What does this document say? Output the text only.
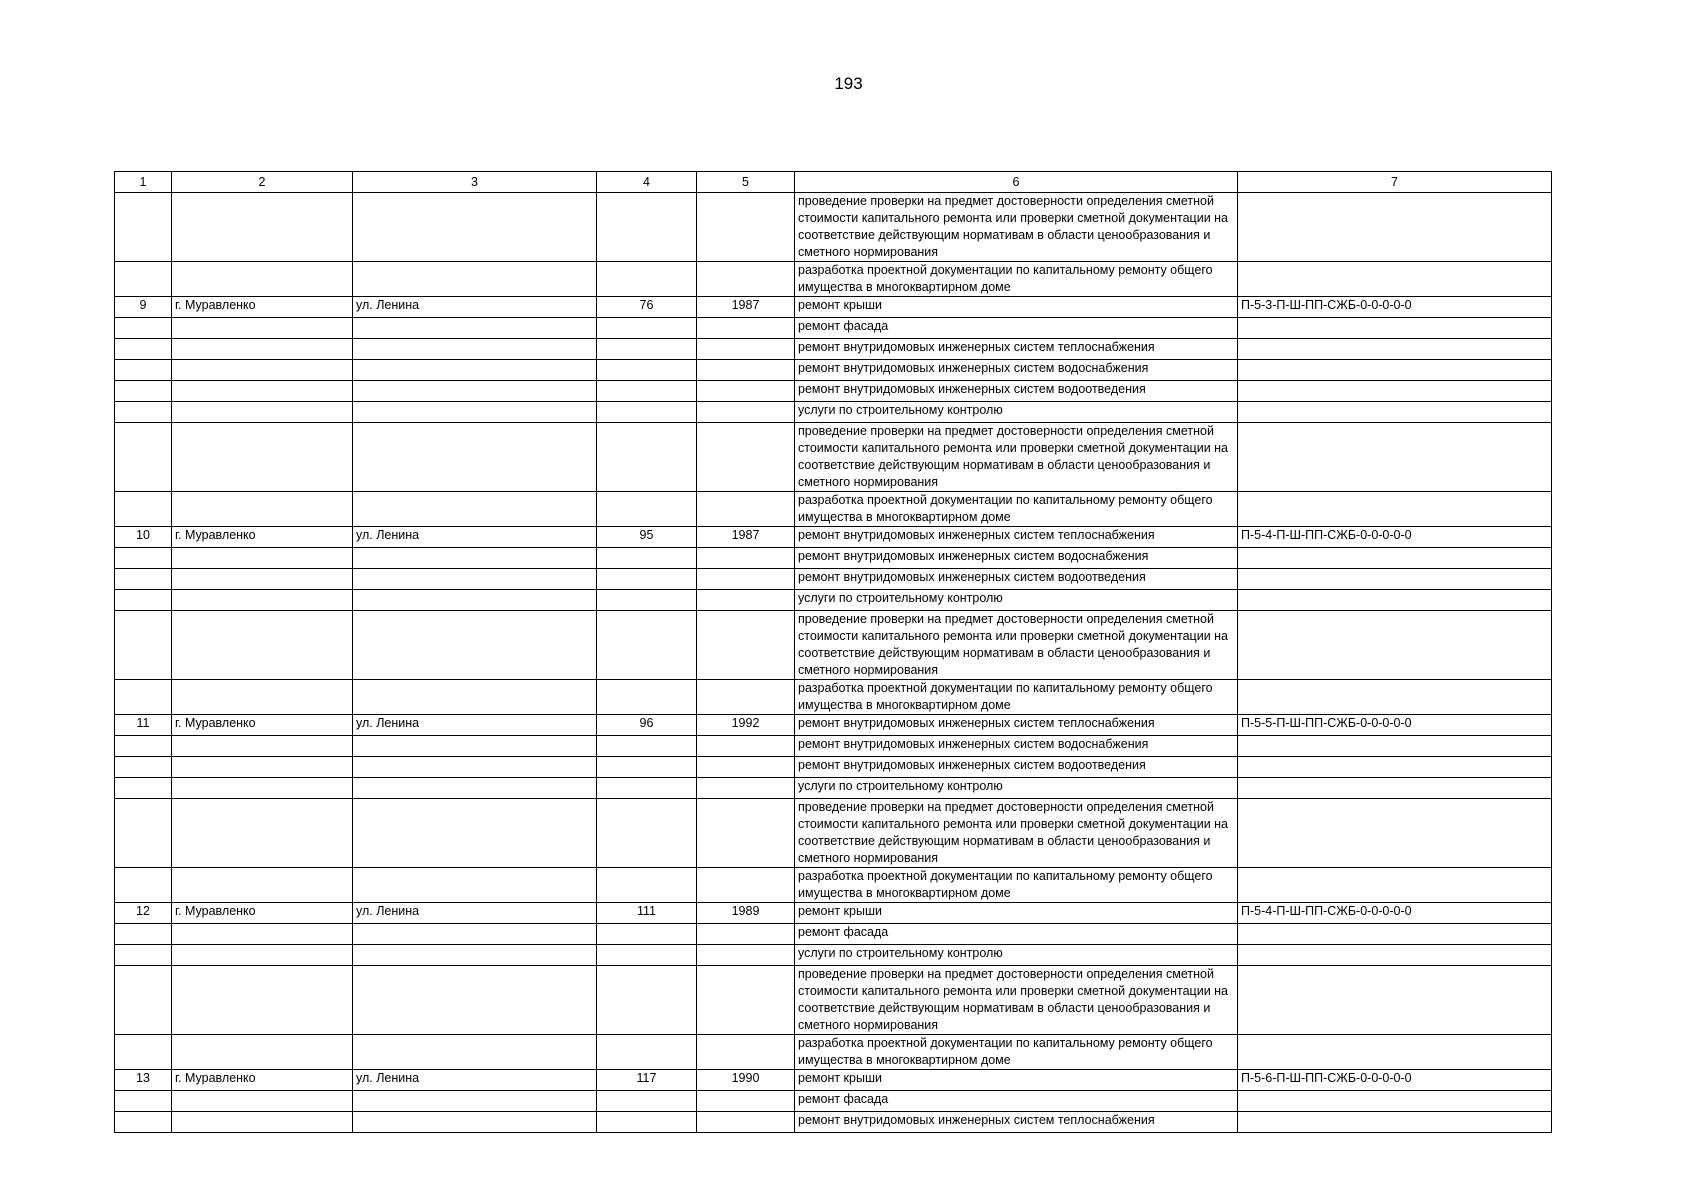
193
1	2	3	4	5	6	7
					проведение проверки на предмет достоверности определения сметной стоимости капитального ремонта или проверки сметной документации на соответствие действующим нормативам в области ценообразования и сметного нормирования	
					разработка проектной документации по капитальному ремонту общего имущества в многоквартирном доме	
9	г. Муравленко	ул. Ленина	76	1987	ремонт крыши	П-5-3-П-Ш-ПП-СЖБ-0-0-0-0-0
					ремонт фасада	
					ремонт внутридомовых инженерных систем теплоснабжения	
					ремонт внутридомовых инженерных систем водоснабжения	
					ремонт внутридомовых инженерных систем водоотведения	
					услуги по строительному контролю	
					проведение проверки на предмет достоверности определения сметной стоимости капитального ремонта или проверки сметной документации на соответствие действующим нормативам в области ценообразования и сметного нормирования	
					разработка проектной документации по капитальному ремонту общего имущества в многоквартирном доме	
10	г. Муравленко	ул. Ленина	95	1987	ремонт внутридомовых инженерных систем теплоснабжения	П-5-4-П-Ш-ПП-СЖБ-0-0-0-0-0
					ремонт внутридомовых инженерных систем водоснабжения	
					ремонт внутридомовых инженерных систем водоотведения	
					услуги по строительному контролю	
					проведение проверки на предмет достоверности определения сметной стоимости капитального ремонта или проверки сметной документации на соответствие действующим нормативам в области ценообразования и сметного нормирования	
					разработка проектной документации по капитальному ремонту общего имущества в многоквартирном доме	
11	г. Муравленко	ул. Ленина	96	1992	ремонт внутридомовых инженерных систем теплоснабжения	П-5-5-П-Ш-ПП-СЖБ-0-0-0-0-0
					ремонт внутридомовых инженерных систем водоснабжения	
					ремонт внутридомовых инженерных систем водоотведения	
					услуги по строительному контролю	
					проведение проверки на предмет достоверности определения сметной стоимости капитального ремонта или проверки сметной документации на соответствие действующим нормативам в области ценообразования и сметного нормирования	
					разработка проектной документации по капитальному ремонту общего имущества в многоквартирном доме	
12	г. Муравленко	ул. Ленина	111	1989	ремонт крыши	П-5-4-П-Ш-ПП-СЖБ-0-0-0-0-0
					ремонт фасада	
					услуги по строительному контролю	
					проведение проверки на предмет достоверности определения сметной стоимости капитального ремонта или проверки сметной документации на соответствие действующим нормативам в области ценообразования и сметного нормирования	
					разработка проектной документации по капитальному ремонту общего имущества в многоквартирном доме	
13	г. Муравленко	ул. Ленина	117	1990	ремонт крыши	П-5-6-П-Ш-ПП-СЖБ-0-0-0-0-0
					ремонт фасада	
					ремонт внутридомовых инженерных систем теплоснабжения	
